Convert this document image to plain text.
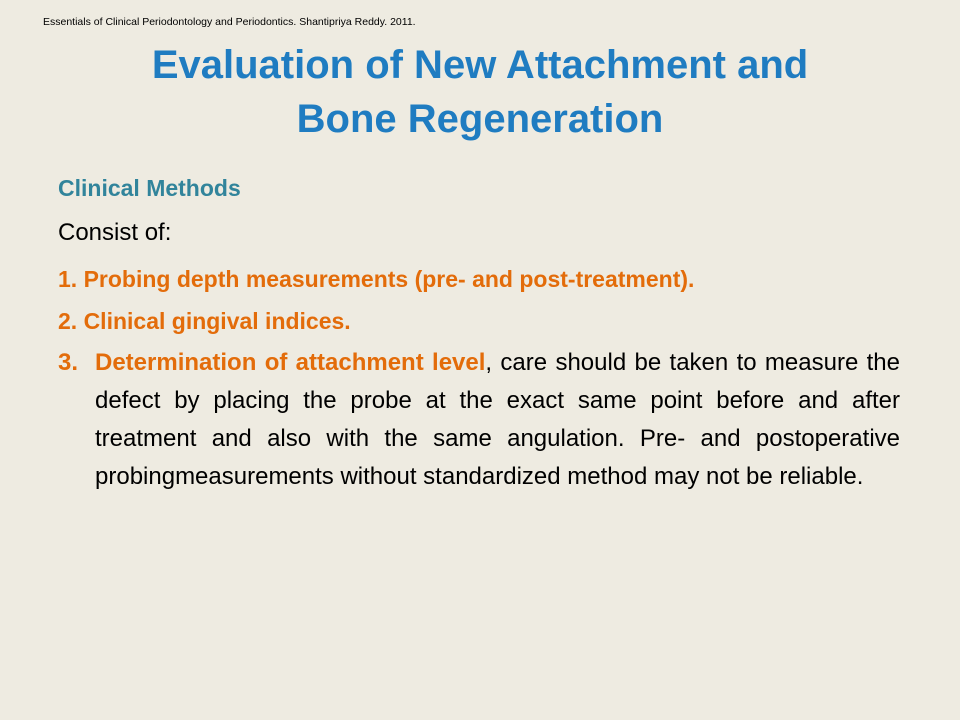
Essentials of Clinical Periodontology and Periodontics. Shantipriya Reddy. 2011.
Evaluation of New Attachment and
Bone Regeneration
Clinical Methods
Consist of:
1. Probing depth measurements (pre- and post-treatment).
2. Clinical gingival indices.
3. Determination of attachment level, care should be taken to measure the defect by placing the probe at the exact same point before and after treatment and also with the same angulation. Pre- and postoperative probingmeasurements without standardized method may not be reliable.
